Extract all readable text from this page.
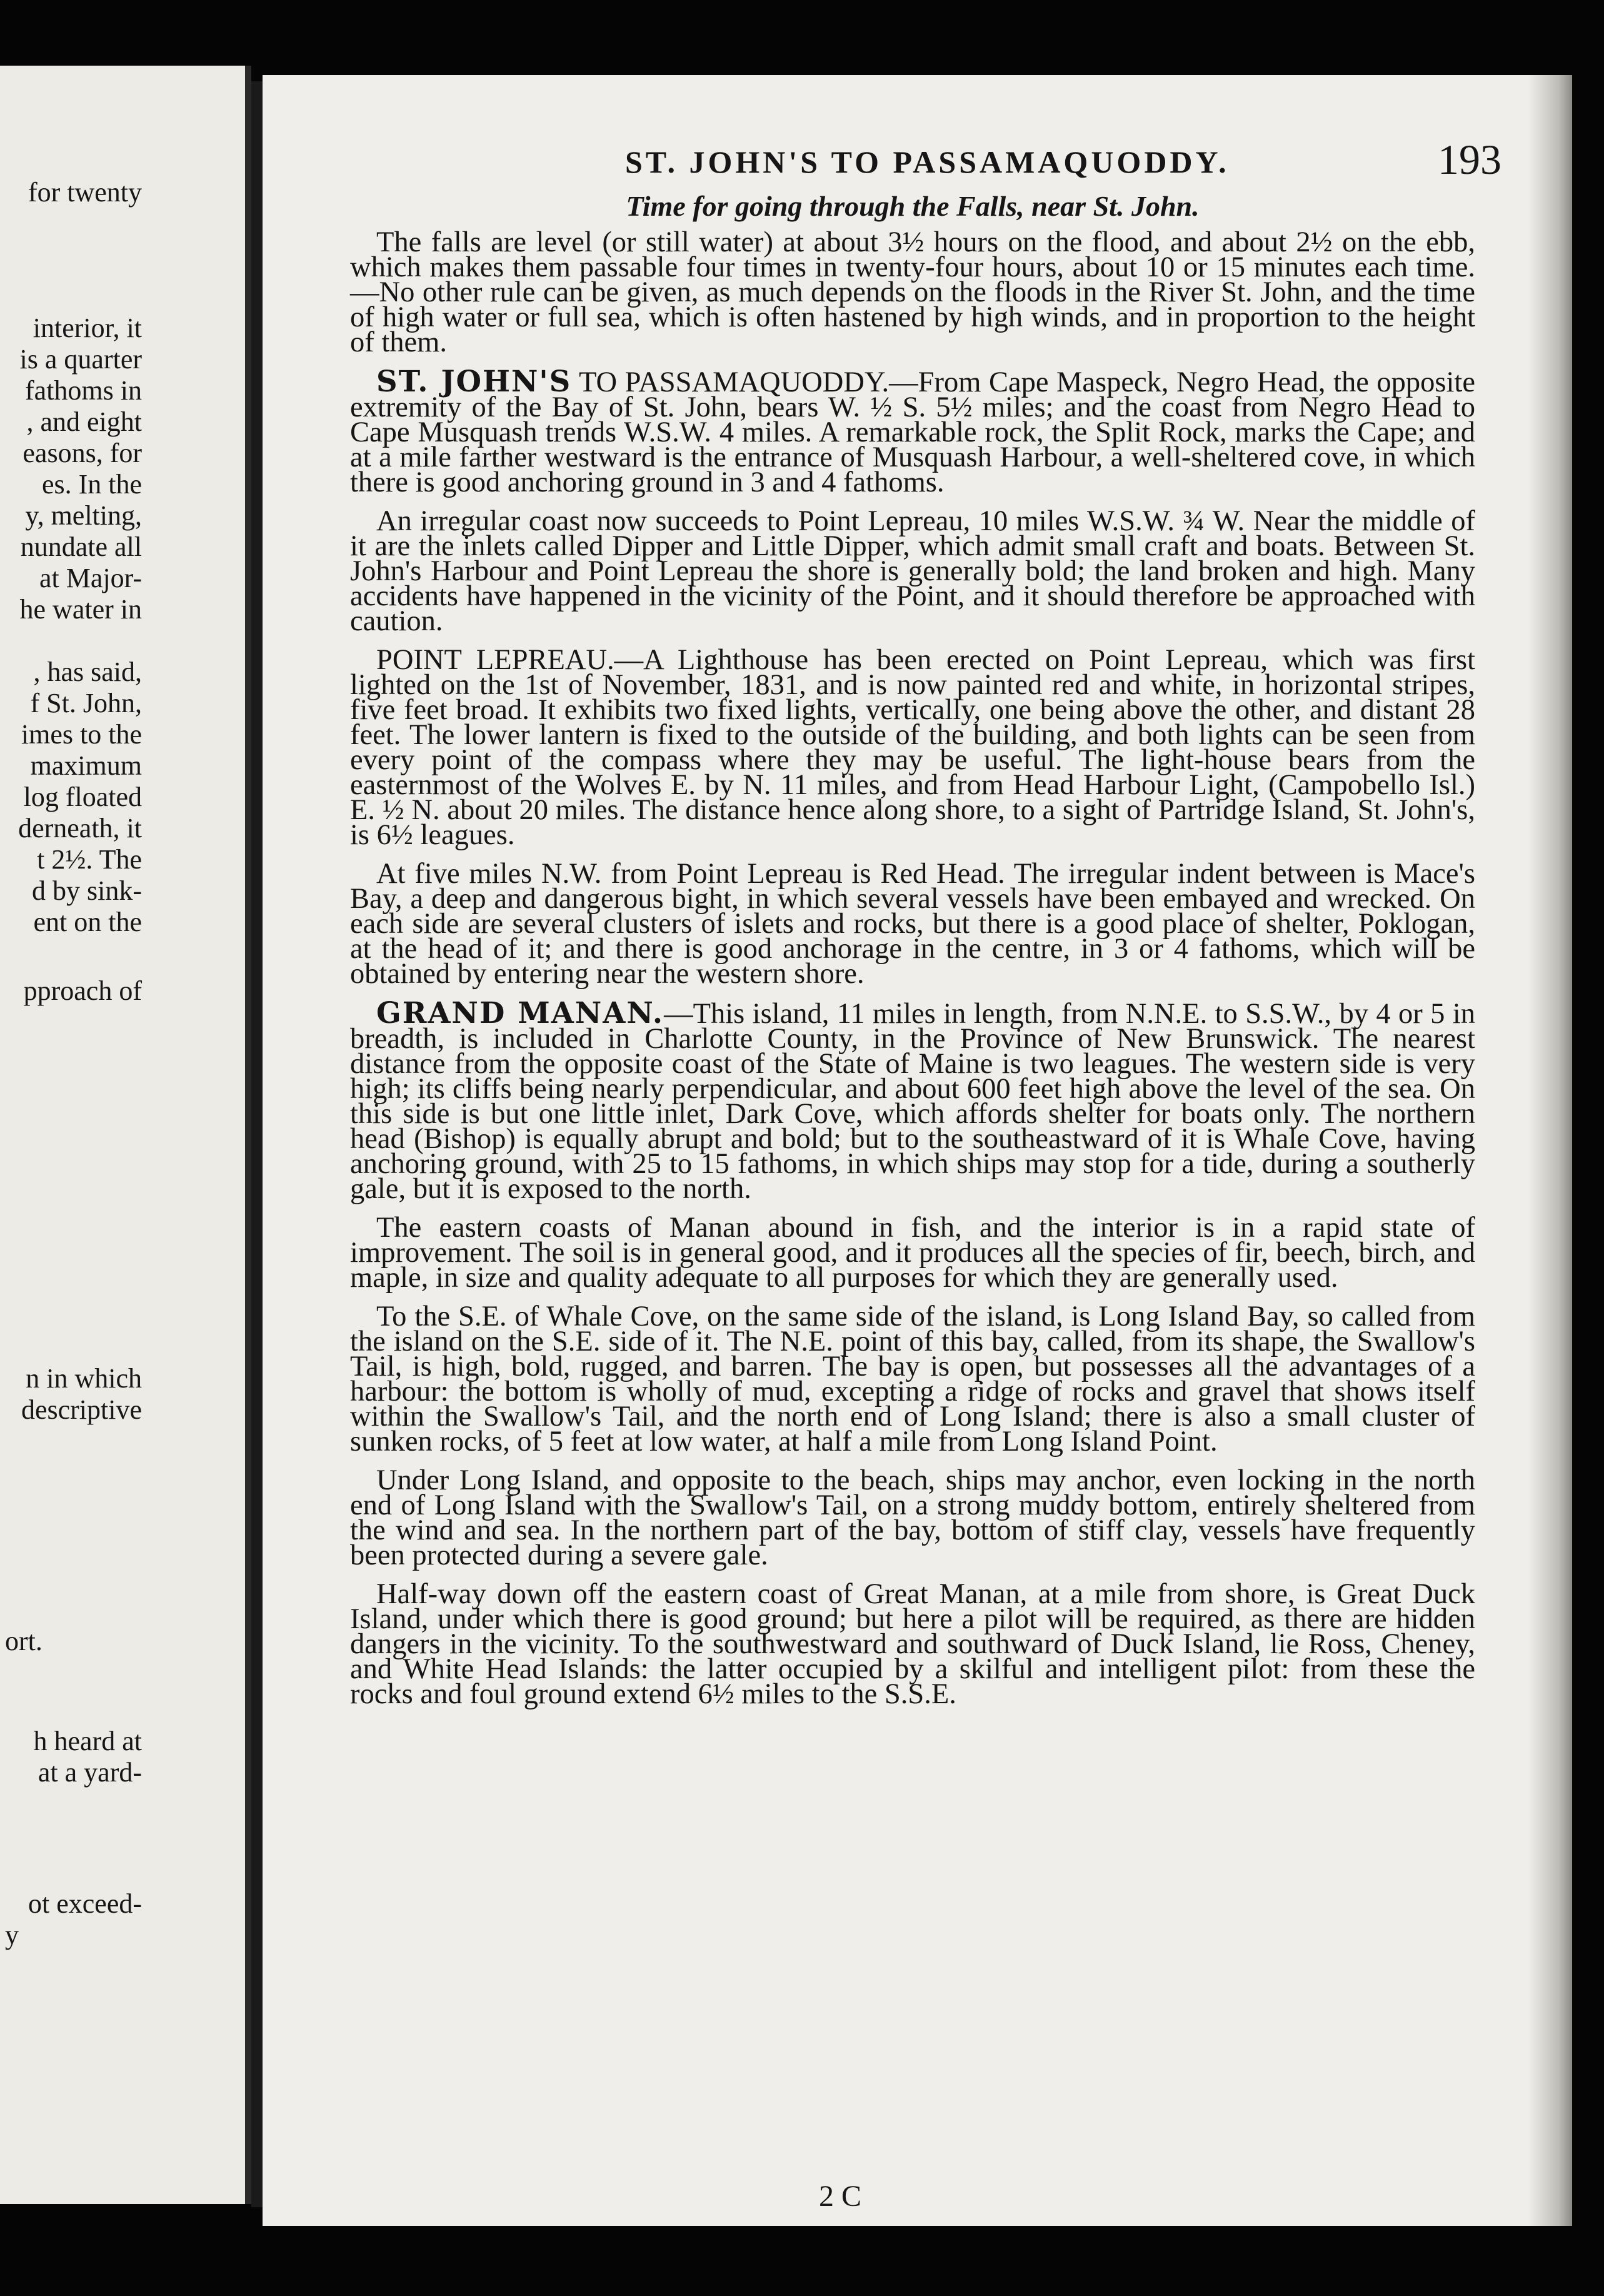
for twenty
interior, it
is a quarter
fathoms in
, and eight
easons, for
es. In the
y, melting,
nundate all
at Major-
he water in
, has said,
f St. John,
imes to the
maximum
log floated
derneath, it
t 2½. The
d by sink-
ent on the
pproach of
n in which
descriptive
ort.
h heard at
at a yard-
ot exceed-
y
ST. JOHN'S TO PASSAMAQUODDY.	193
Time for going through the Falls, near St. John.

The falls are level (or still water) at about 3½ hours on the flood, and about 2½ on the ebb, which makes them passable four times in twenty-four hours, about 10 or 15 minutes each time.—No other rule can be given, as much depends on the floods in the River St. John, and the time of high water or full sea, which is often hastened by high winds, and in proportion to the height of them.

ST. JOHN'S TO PASSAMAQUODDY.—From Cape Maspeck, Negro Head, the opposite extremity of the Bay of St. John, bears W. ½ S. 5½ miles; and the coast from Negro Head to Cape Musquash trends W.S.W. 4 miles. A remarkable rock, the Split Rock, marks the Cape; and at a mile farther westward is the entrance of Musquash Harbour, a well-sheltered cove, in which there is good anchoring ground in 3 and 4 fathoms.

An irregular coast now succeeds to Point Lepreau, 10 miles W.S.W. ¾ W. Near the middle of it are the inlets called Dipper and Little Dipper, which admit small craft and boats. Between St. John's Harbour and Point Lepreau the shore is generally bold; the land broken and high. Many accidents have happened in the vicinity of the Point, and it should therefore be approached with caution.

POINT LEPREAU.—A Lighthouse has been erected on Point Lepreau, which was first lighted on the 1st of November, 1831, and is now painted red and white, in horizontal stripes, five feet broad. It exhibits two fixed lights, vertically, one being above the other, and distant 28 feet. The lower lantern is fixed to the outside of the building, and both lights can be seen from every point of the compass where they may be useful. The light-house bears from the easternmost of the Wolves E. by N. 11 miles, and from Head Harbour Light, (Campobello Isl.) E. ½ N. about 20 miles. The distance hence along shore, to a sight of Partridge Island, St. John's, is 6½ leagues.

At five miles N.W. from Point Lepreau is Red Head. The irregular indent between is Mace's Bay, a deep and dangerous bight, in which several vessels have been embayed and wrecked. On each side are several clusters of islets and rocks, but there is a good place of shelter, Poklogan, at the head of it; and there is good anchorage in the centre, in 3 or 4 fathoms, which will be obtained by entering near the western shore.

GRAND MANAN.—This island, 11 miles in length, from N.N.E. to S.S.W., by 4 or 5 in breadth, is included in Charlotte County, in the Province of New Brunswick. The nearest distance from the opposite coast of the State of Maine is two leagues. The western side is very high; its cliffs being nearly perpendicular, and about 600 feet high above the level of the sea. On this side is but one little inlet, Dark Cove, which affords shelter for boats only. The northern head (Bishop) is equally abrupt and bold; but to the southeastward of it is Whale Cove, having anchoring ground, with 25 to 15 fathoms, in which ships may stop for a tide, during a southerly gale, but it is exposed to the north.

The eastern coasts of Manan abound in fish, and the interior is in a rapid state of improvement. The soil is in general good, and it produces all the species of fir, beech, birch, and maple, in size and quality adequate to all purposes for which they are generally used.

To the S.E. of Whale Cove, on the same side of the island, is Long Island Bay, so called from the island on the S.E. side of it. The N.E. point of this bay, called, from its shape, the Swallow's Tail, is high, bold, rugged, and barren. The bay is open, but possesses all the advantages of a harbour: the bottom is wholly of mud, excepting a ridge of rocks and gravel that shows itself within the Swallow's Tail, and the north end of Long Island; there is also a small cluster of sunken rocks, of 5 feet at low water, at half a mile from Long Island Point.

Under Long Island, and opposite to the beach, ships may anchor, even locking in the north end of Long Island with the Swallow's Tail, on a strong muddy bottom, entirely sheltered from the wind and sea. In the northern part of the bay, bottom of stiff clay, vessels have frequently been protected during a severe gale.

Half-way down off the eastern coast of Great Manan, at a mile from shore, is Great Duck Island, under which there is good ground; but here a pilot will be required, as there are hidden dangers in the vicinity. To the southwestward and southward of Duck Island, lie Ross, Cheney, and White Head Islands: the latter occupied by a skilful and intelligent pilot: from these the rocks and foul ground extend 6½ miles to the S.S.E.

2 C
